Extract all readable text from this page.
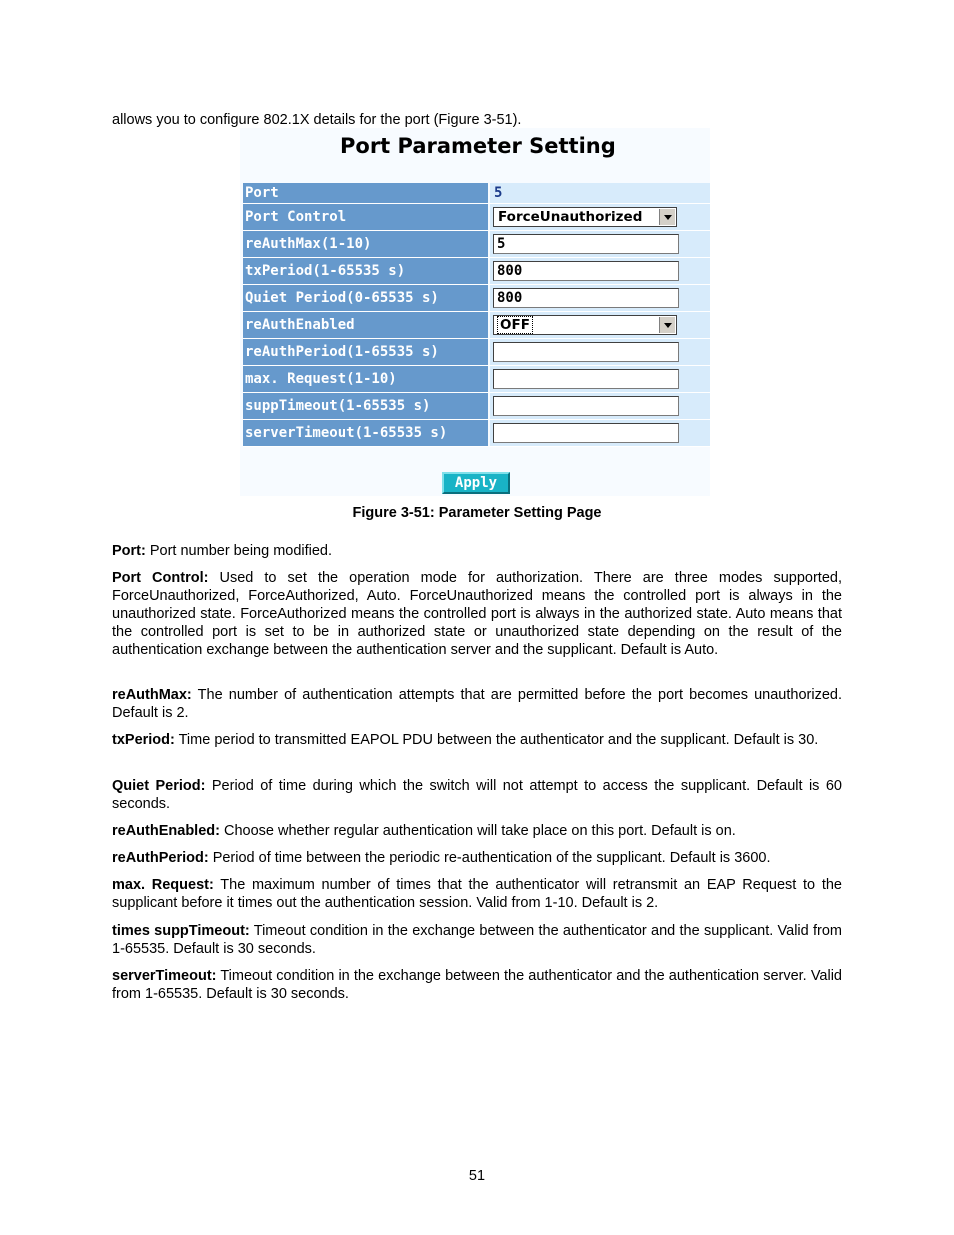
allows you to configure 802.1X details for the port (Figure 3-51).
Port Parameter Setting
Port	5
Port Control	ForceUnauthorized
reAuthMax(1-10)	5
txPeriod(1-65535 s)	800
Quiet Period(0-65535 s)	800
reAuthEnabled	OFF
reAuthPeriod(1-65535 s)
max. Request(1-10)
suppTimeout(1-65535 s)
serverTimeout(1-65535 s)
Apply
Figure 3-51: Parameter Setting Page
Port: Port number being modified.
Port Control: Used to set the operation mode for authorization. There are three modes supported, ForceUnauthorized, ForceAuthorized, Auto. ForceUnauthorized means the controlled port is always in the unauthorized state. ForceAuthorized means the controlled port is always in the authorized state. Auto means that the controlled port is set to be in authorized state or unauthorized state depending on the result of the authentication exchange between the authentication server and the supplicant. Default is Auto.
reAuthMax: The number of authentication attempts that are permitted before the port becomes unauthorized. Default is 2.
txPeriod: Time period to transmitted EAPOL PDU between the authenticator and the supplicant. Default is 30.
Quiet Period: Period of time during which the switch will not attempt to access the supplicant. Default is 60 seconds.
reAuthEnabled: Choose whether regular authentication will take place on this port. Default is on.
reAuthPeriod: Period of time between the periodic re-authentication of the supplicant. Default is 3600.
max. Request: The maximum number of times that the authenticator will retransmit an EAP Request to the supplicant before it times out the authentication session. Valid from 1-10. Default is 2.
times suppTimeout: Timeout condition in the exchange between the authenticator and the supplicant. Valid from 1-65535. Default is 30 seconds.
serverTimeout: Timeout condition in the exchange between the authenticator and the authentication server. Valid from 1-65535. Default is 30 seconds.
51
